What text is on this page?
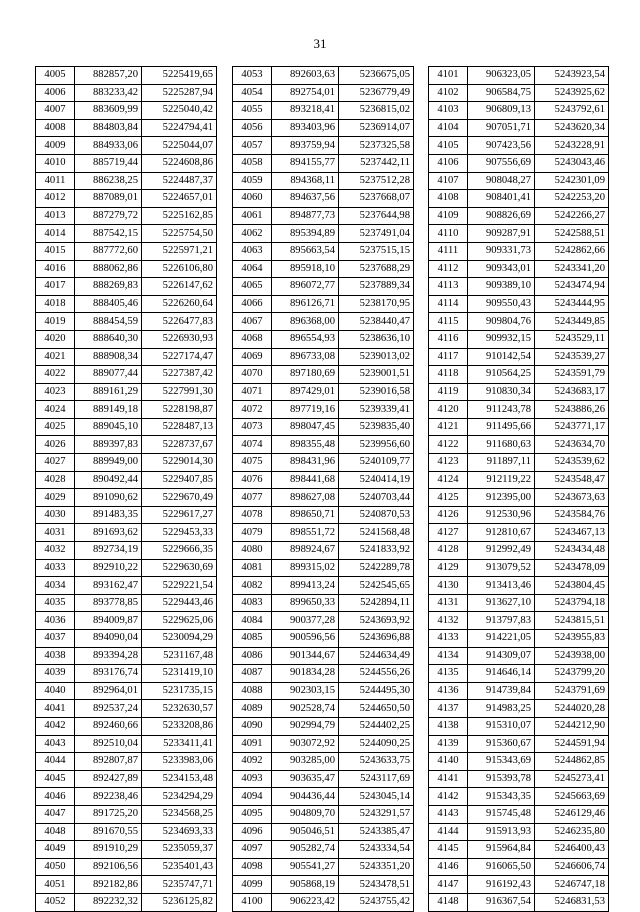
31
4005	882857,20	5225419,65
4006	883233,42	5225287,94
4007	883609,99	5225040,42
4008	884803,84	5224794,41
4009	884933,06	5225044,07
4010	885719,44	5224608,86
4011	886238,25	5224487,37
4012	887089,01	5224657,01
4013	887279,72	5225162,85
4014	887542,15	5225754,50
4015	887772,60	5225971,21
4016	888062,86	5226106,80
4017	888269,83	5226147,62
4018	888405,46	5226260,64
4019	888454,59	5226477,83
4020	888640,30	5226930,93
4021	888908,34	5227174,47
4022	889077,44	5227387,42
4023	889161,29	5227991,30
4024	889149,18	5228198,87
4025	889045,10	5228487,13
4026	889397,83	5228737,67
4027	889949,00	5229014,30
4028	890492,44	5229407,85
4029	891090,62	5229670,49
4030	891483,35	5229617,27
4031	891693,62	5229453,33
4032	892734,19	5229666,35
4033	892910,22	5229630,69
4034	893162,47	5229221,54
4035	893778,85	5229443,46
4036	894009,87	5229625,06
4037	894090,04	5230094,29
4038	893394,28	5231167,48
4039	893176,74	5231419,10
4040	892964,01	5231735,15
4041	892537,24	5232630,57
4042	892460,66	5233208,86
4043	892510,04	5233411,41
4044	892807,87	5233983,06
4045	892427,89	5234153,48
4046	892238,46	5234294,29
4047	891725,20	5234568,25
4048	891670,55	5234693,33
4049	891910,29	5235059,37
4050	892106,56	5235401,43
4051	892182,86	5235747,71
4052	892232,32	5236125,82
4053	892603,63	5236675,05
4054	892754,01	5236779,49
4055	893218,41	5236815,02
4056	893403,96	5236914,07
4057	893759,94	5237325,58
4058	894155,77	5237442,11
4059	894368,11	5237512,28
4060	894637,56	5237668,07
4061	894877,73	5237644,98
4062	895394,89	5237491,04
4063	895663,54	5237515,15
4064	895918,10	5237688,29
4065	896072,77	5237889,34
4066	896126,71	5238170,95
4067	896368,00	5238440,47
4068	896554,93	5238636,10
4069	896733,08	5239013,02
4070	897180,69	5239001,51
4071	897429,01	5239016,58
4072	897719,16	5239339,41
4073	898047,45	5239835,40
4074	898355,48	5239956,60
4075	898431,96	5240109,77
4076	898441,68	5240414,19
4077	898627,08	5240703,44
4078	898650,71	5240870,53
4079	898551,72	5241568,48
4080	898924,67	5241833,92
4081	899315,02	5242289,78
4082	899413,24	5242545,65
4083	899650,33	5242894,11
4084	900377,28	5243693,92
4085	900596,56	5243696,88
4086	901344,67	5244634,49
4087	901834,28	5244556,26
4088	902303,15	5244495,30
4089	902528,74	5244650,50
4090	902994,79	5244402,25
4091	903072,92	5244090,25
4092	903285,00	5243633,75
4093	903635,47	5243117,69
4094	904436,44	5243045,14
4095	904809,70	5243291,57
4096	905046,51	5243385,47
4097	905282,74	5243334,54
4098	905541,27	5243351,20
4099	905868,19	5243478,51
4100	906223,42	5243755,42
4101	906323,05	5243923,54
4102	906584,75	5243925,62
4103	906809,13	5243792,61
4104	907051,71	5243620,34
4105	907423,56	5243228,91
4106	907556,69	5243043,46
4107	908048,27	5242301,09
4108	908401,41	5242253,20
4109	908826,69	5242266,27
4110	909287,91	5242588,51
4111	909331,73	5242862,66
4112	909343,01	5243341,20
4113	909389,10	5243474,94
4114	909550,43	5243444,95
4115	909804,76	5243449,85
4116	909932,15	5243529,11
4117	910142,54	5243539,27
4118	910564,25	5243591,79
4119	910830,34	5243683,17
4120	911243,78	5243886,26
4121	911495,66	5243771,17
4122	911680,63	5243634,70
4123	911897,11	5243539,62
4124	912119,22	5243548,47
4125	912395,00	5243673,63
4126	912530,96	5243584,76
4127	912810,67	5243467,13
4128	912992,49	5243434,48
4129	913079,52	5243478,09
4130	913413,46	5243804,45
4131	913627,10	5243794,18
4132	913797,83	5243815,51
4133	914221,05	5243955,83
4134	914309,07	5243938,00
4135	914646,14	5243799,20
4136	914739,84	5243791,69
4137	914983,25	5244020,28
4138	915310,07	5244212,90
4139	915360,67	5244591,94
4140	915343,69	5244862,85
4141	915393,78	5245273,41
4142	915343,35	5245663,69
4143	915745,48	5246129,46
4144	915913,93	5246235,80
4145	915964,84	5246400,43
4146	916065,50	5246606,74
4147	916192,43	5246747,18
4148	916367,54	5246831,53
